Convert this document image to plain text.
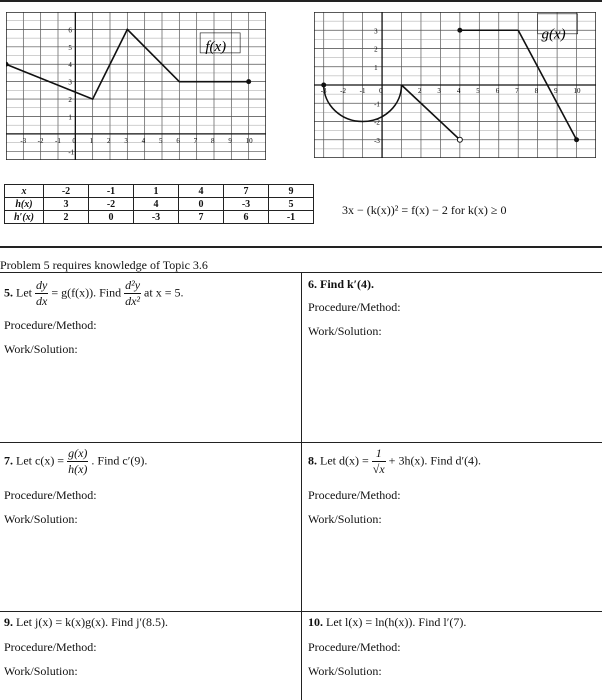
-3 -2 -1 0 1 2 3 4 5 6 7 8 9 10
6
5
4
3
2
1
-1
f(x)
-3 -2 -1 0	2 3 4 5 6 7 8 9 10
3
2
1
-1
-2
-3
g(x)
x	-2	-1	1	4	7	9
h(x)	3	-2	4	0	-3	5
h′(x)	2	0	-3	7	6	-1	3x − (k(x))² = f(x) − 2 for k(x) ≥ 0
Problem 5 requires knowledge of Topic 3.6
5. Let $\frac{dy}{dx} = g(f(x))$. Find $\frac{\text{d²y}}{\text{dx²}}$ at x = 5.
Procedure/Method:
Work/Solution:
6. Find k′(4).
Procedure/Method:
Work/Solution:
7. Let $c(x) = \frac{g(x)}{h(x)}$ . Find c′(9).
Procedure/Method:
Work/Solution:
8. Let $d(x) = \frac{1}{√x} + 3h(x)$. Find d′(4).
Procedure/Method:
Work/Solution:
9. Let j(x) = k(x)g(x). Find j′(8.5).
Procedure/Method:
Work/Solution:
10. Let l(x) = ln(h(x)). Find l′(7).
Procedure/Method:
Work/Solution:
